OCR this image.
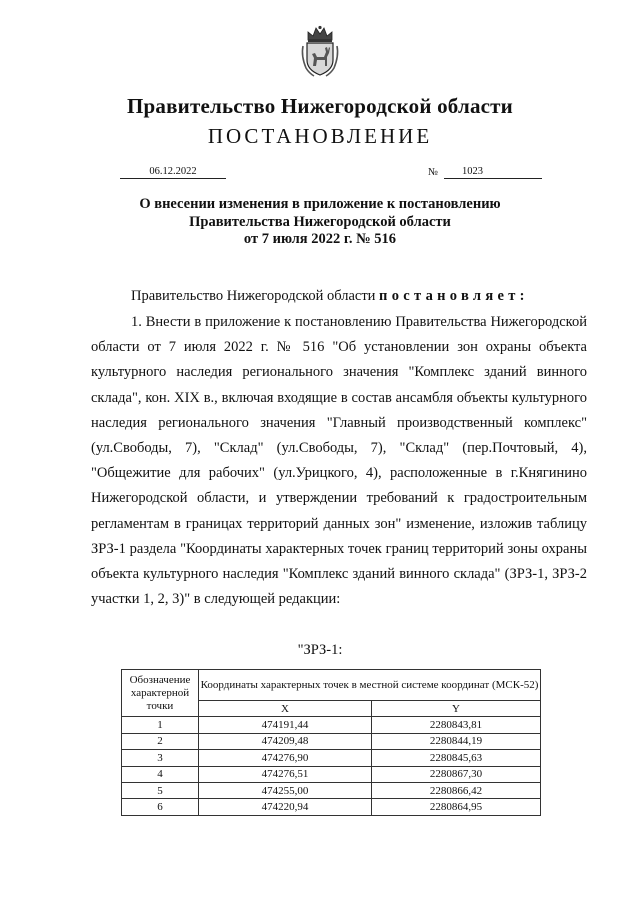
Правительство Нижегородской области
ПОСТАНОВЛЕНИЕ
06.12.2022	№	1023
О внесении изменения в приложение к постановлению
Правительства Нижегородской области
от 7 июля 2022 г. № 516
Правительство Нижегородской области постановляет:
1. Внести в приложение к постановлению Правительства Нижегородской области от 7 июля 2022 г. № 516 "Об установлении зон охраны объекта культурного наследия регионального значения "Комплекс зданий винного склада", кон. XIX в., включая входящие в состав ансамбля объекты культурного наследия регионального значения "Главный производственный комплекс" (ул.Свободы, 7), "Склад" (ул.Свободы, 7), "Склад" (пер.Почтовый, 4), "Общежитие для рабочих" (ул.Урицкого, 4), расположенные в г.Княгинино Нижегородской области, и утверждении требований к градостроительным регламентам в границах территорий данных зон" изменение, изложив таблицу ЗРЗ-1 раздела "Координаты характерных точек границ территорий зоны охраны объекта культурного наследия "Комплекс зданий винного склада" (ЗРЗ-1, ЗРЗ-2 участки 1, 2, 3)" в следующей редакции:
"ЗРЗ-1:
Обозначение характерной точки	Координаты характерных точек в местной системе координат (МСК-52)	
	X	Y
1	474191,44	2280843,81
2	474209,48	2280844,19
3	474276,90	2280845,63
4	474276,51	2280867,30
5	474255,00	2280866,42
6	474220,94	2280864,95
